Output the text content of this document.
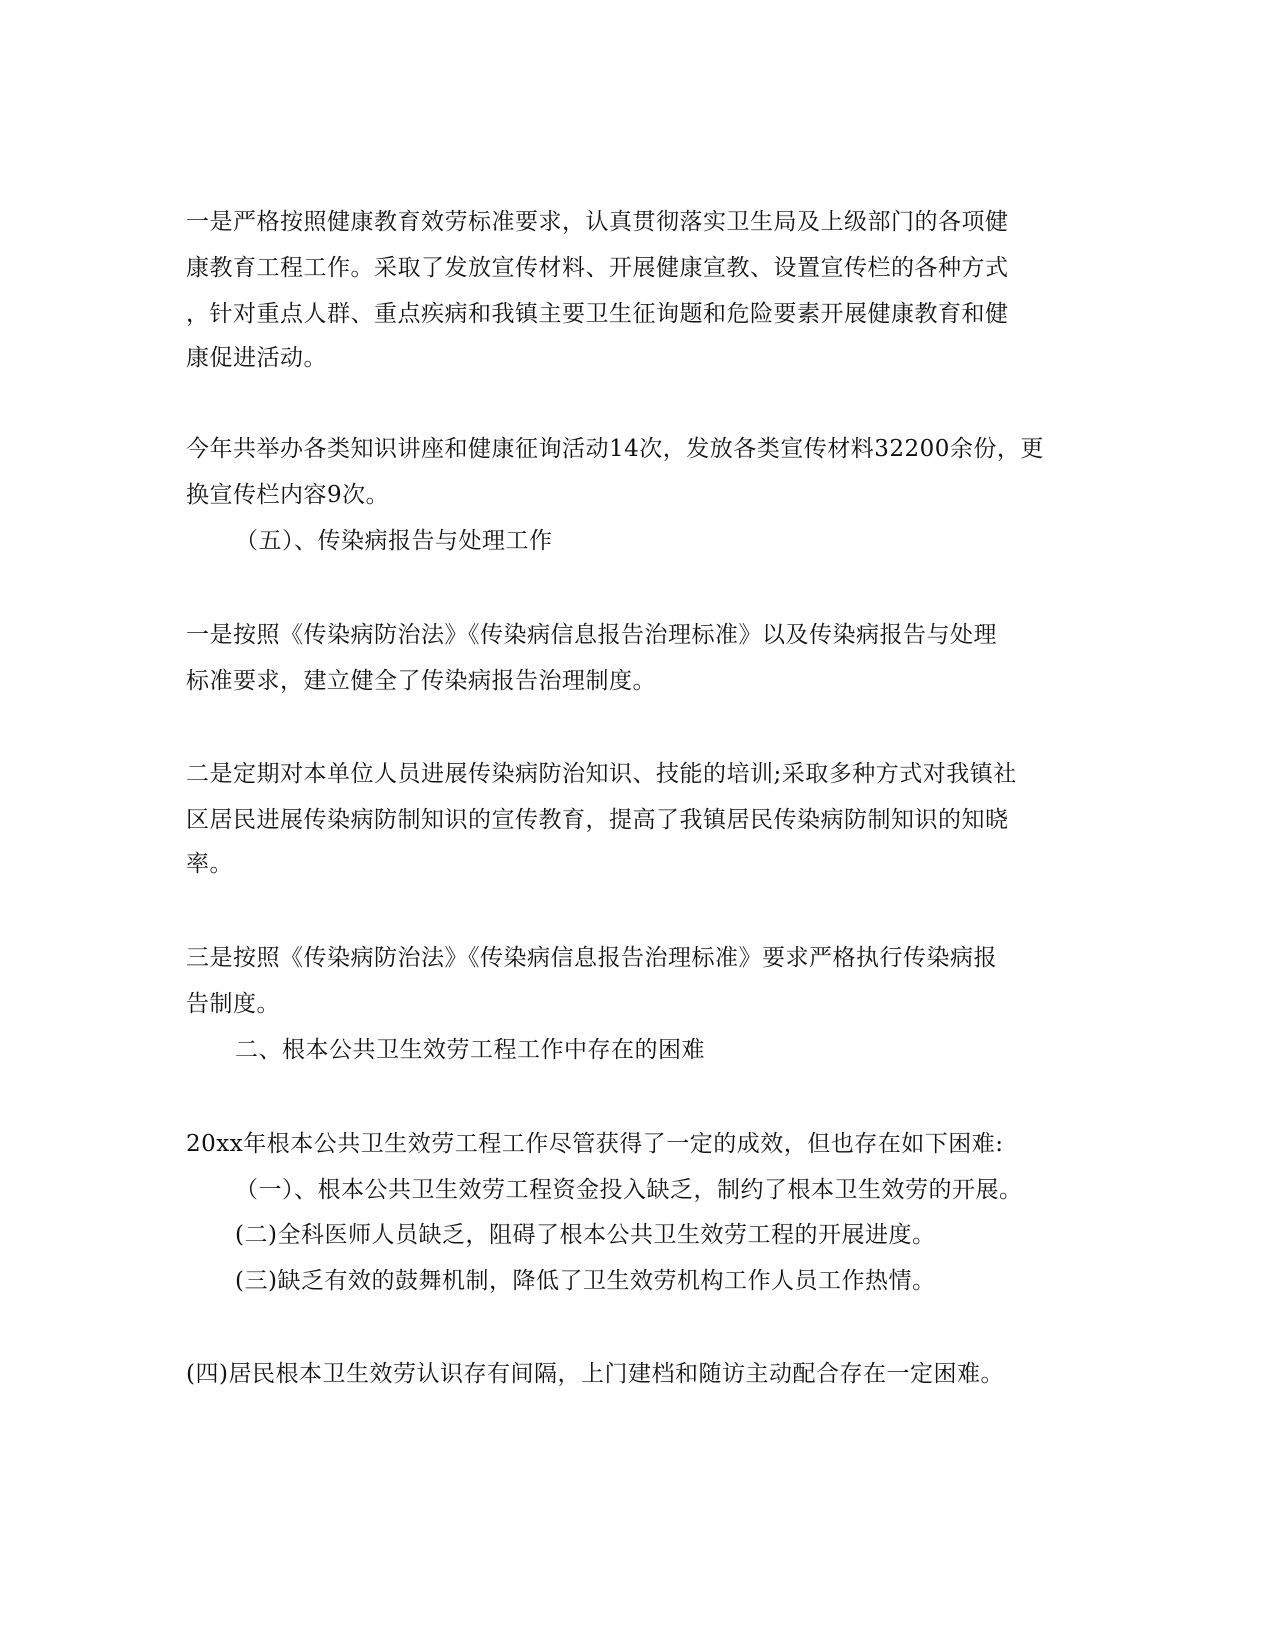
一是严格按照健康教育效劳标准要求，认真贯彻落实卫生局及上级部门的各项健
康教育工程工作。采取了发放宣传材料、开展健康宣教、设置宣传栏的各种方式
，针对重点人群、重点疾病和我镇主要卫生征询题和危险要素开展健康教育和健
康促进活动。
今年共举办各类知识讲座和健康征询活动14次，发放各类宣传材料32200余份，更
换宣传栏内容9次。
（五）、传染病报告与处理工作
一是按照《传染病防治法》《传染病信息报告治理标准》以及传染病报告与处理
标准要求，建立健全了传染病报告治理制度。
二是定期对本单位人员进展传染病防治知识、技能的培训;采取多种方式对我镇社
区居民进展传染病防制知识的宣传教育，提高了我镇居民传染病防制知识的知晓
率。
三是按照《传染病防治法》《传染病信息报告治理标准》要求严格执行传染病报
告制度。
二、根本公共卫生效劳工程工作中存在的困难
20xx年根本公共卫生效劳工程工作尽管获得了一定的成效，但也存在如下困难:
（一）、根本公共卫生效劳工程资金投入缺乏，制约了根本卫生效劳的开展。
(二)全科医师人员缺乏，阻碍了根本公共卫生效劳工程的开展进度。
(三)缺乏有效的鼓舞机制，降低了卫生效劳机构工作人员工作热情。
(四)居民根本卫生效劳认识存有间隔，上门建档和随访主动配合存在一定困难。
